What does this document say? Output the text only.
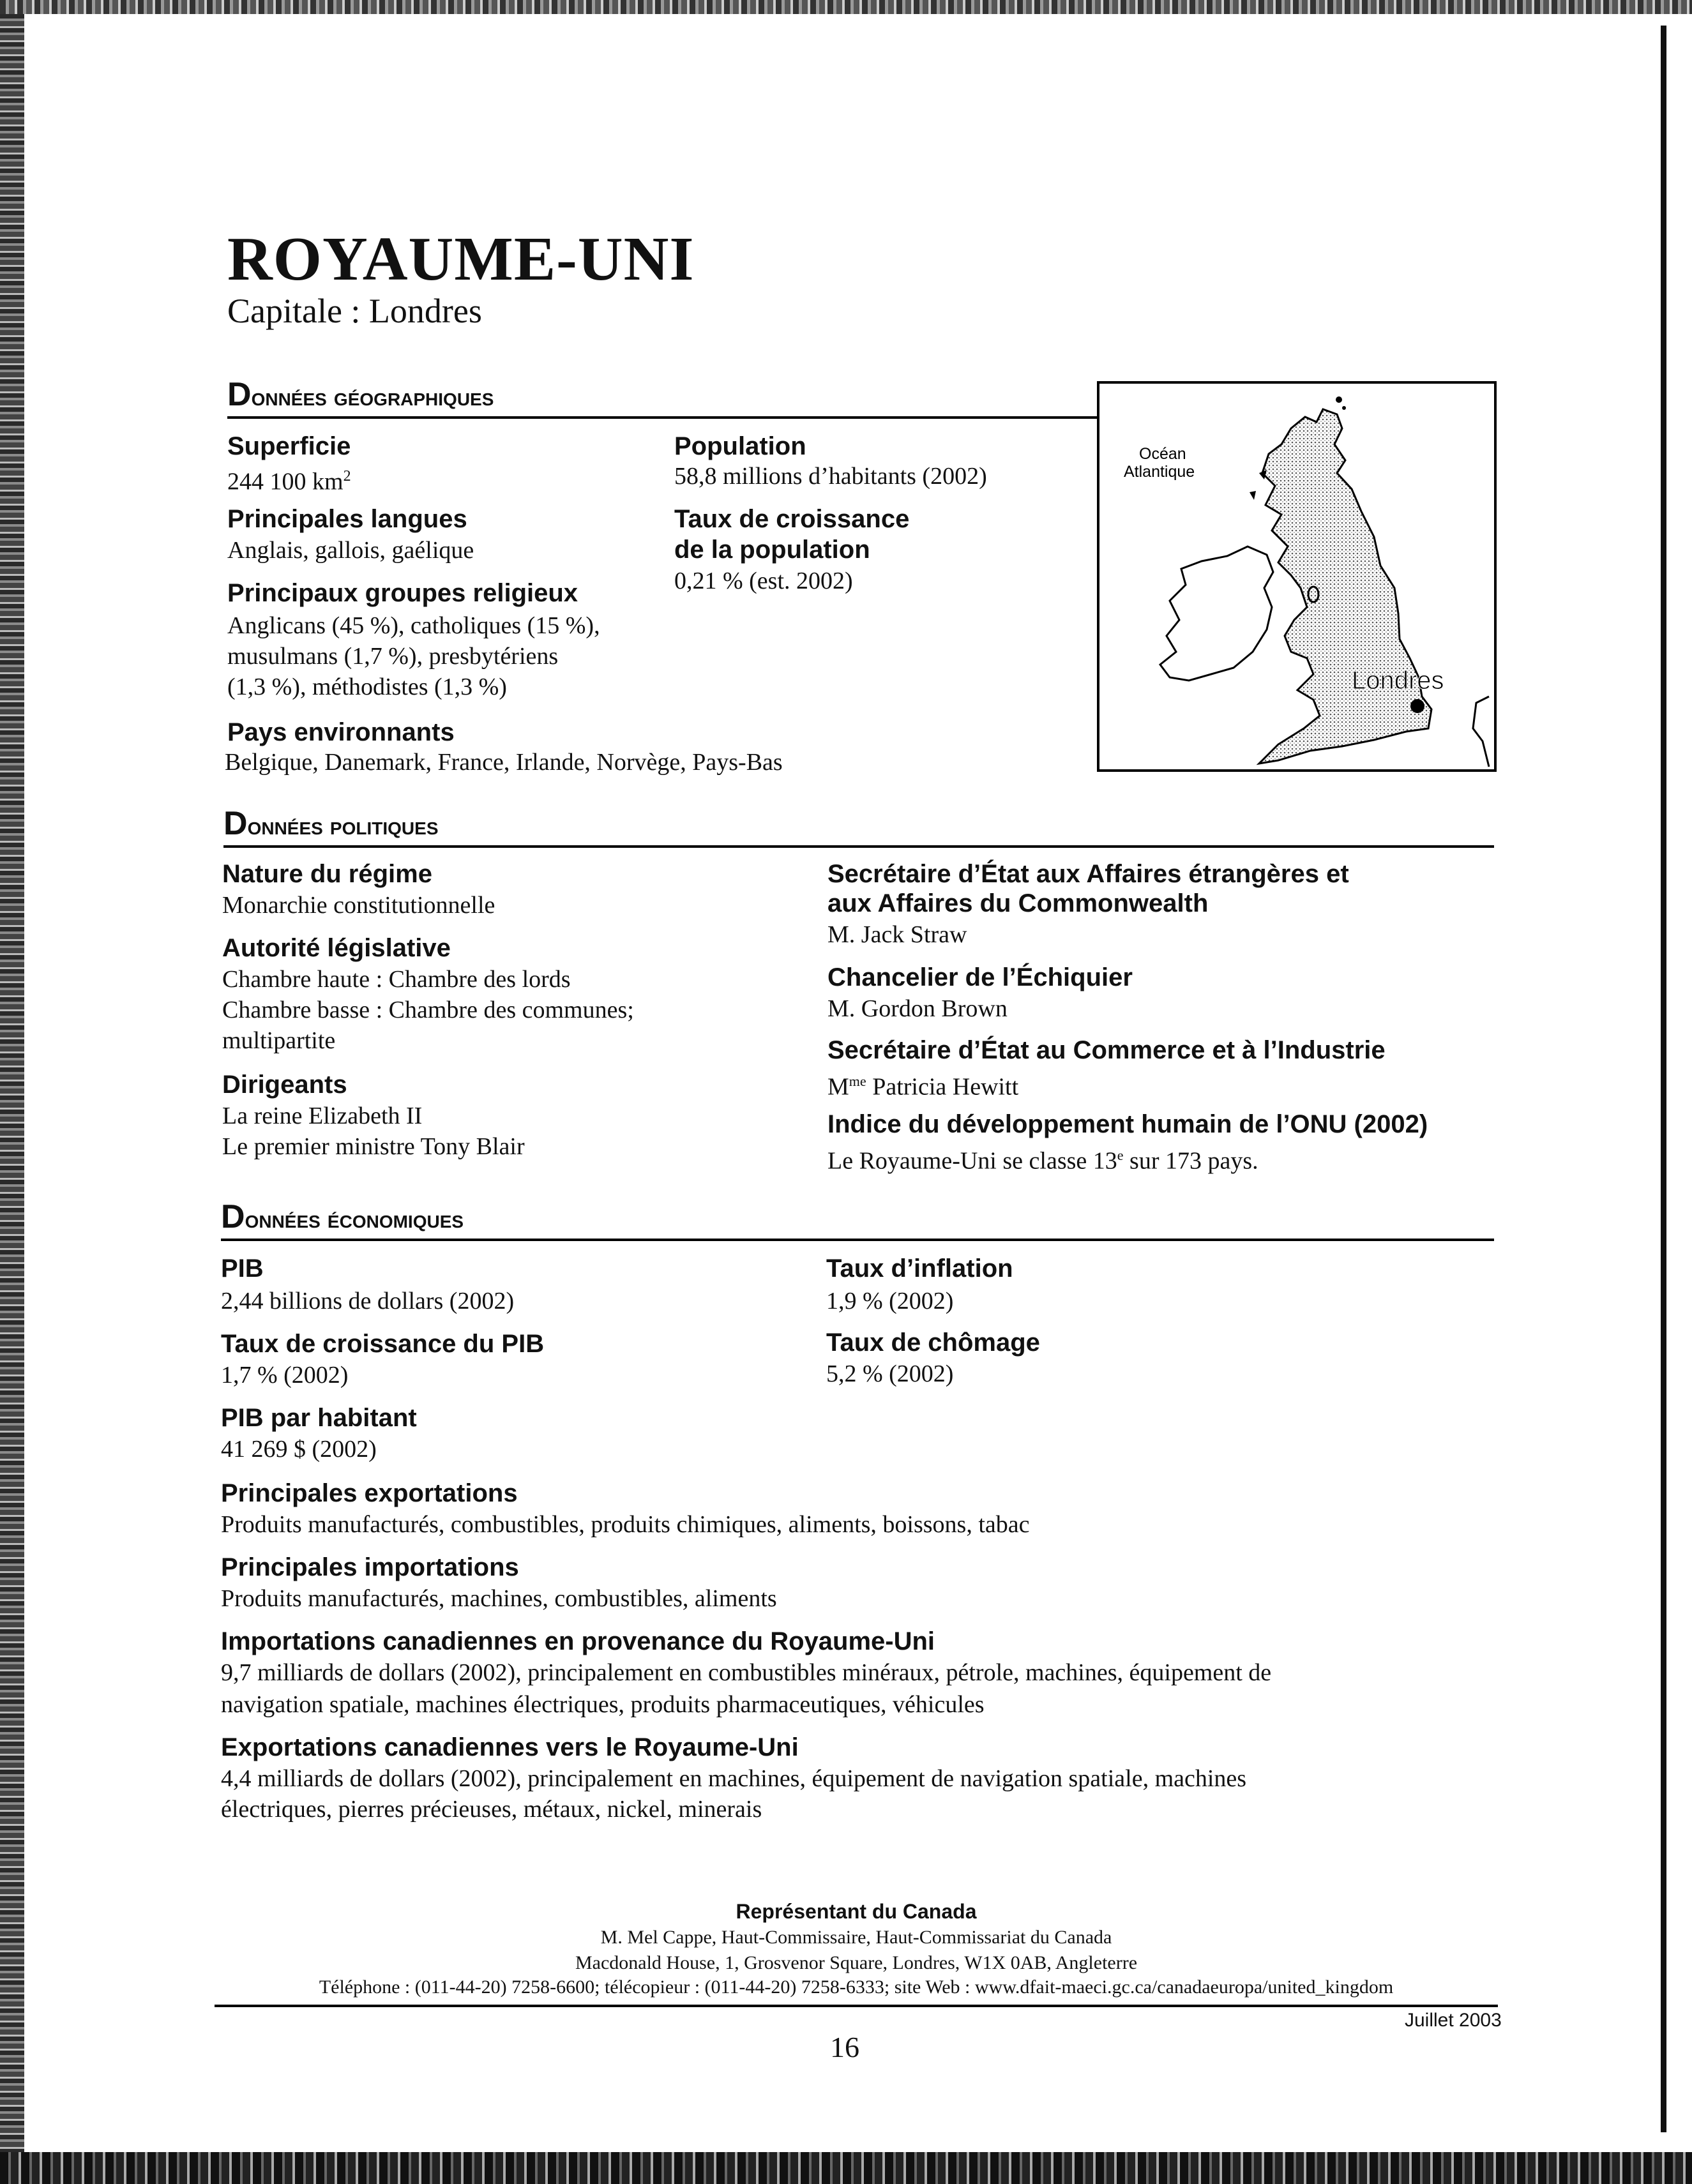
ROYAUME-UNI
Capitale : Londres
Données géographiques
Superficie
244 100 $km^2$
Population
58,8 millions d’habitants (2002)
Principales langues
Anglais, gallois, gaélique
Taux de croissance
de la population
0,21 % (est. 2002)
Principaux groupes religieux
Anglicans (45 %), catholiques (15 %),
musulmans (1,7 %), presbytériens
(1,3 %), méthodistes (1,3 %)
Pays environnants
Belgique, Danemark, France, Irlande, Norvège, Pays-Bas
Londres
Océan
Atlantique
Données politiques
Nature du régime
Monarchie constitutionnelle
Autorité législative
Chambre haute : Chambre des lords
Chambre basse : Chambre des communes;
multipartite
Dirigeants
La reine Elizabeth II
Le premier ministre Tony Blair
Secrétaire d’État aux Affaires étrangères et
aux Affaires du Commonwealth
M. Jack Straw
Chancelier de l’Échiquier
M. Gordon Brown
Secrétaire d’État au Commerce et à l’Industrie
$M^{me}$ Patricia Hewitt
Indice du développement humain de l’ONU (2002)
Le Royaume-Uni se classe 13e sur 173 pays.
Données économiques
PIB
2,44 billions de dollars (2002)
Taux d’inflation
1,9 % (2002)
Taux de croissance du PIB
1,7 % (2002)
Taux de chômage
5,2 % (2002)
PIB par habitant
41 269 $ (2002)
Principales exportations
Produits manufacturés, combustibles, produits chimiques, aliments, boissons, tabac
Principales importations
Produits manufacturés, machines, combustibles, aliments
Importations canadiennes en provenance du Royaume-Uni
9,7 milliards de dollars (2002), principalement en combustibles minéraux, pétrole, machines, équipement de
navigation spatiale, machines électriques, produits pharmaceutiques, véhicules
Exportations canadiennes vers le Royaume-Uni
4,4 milliards de dollars (2002), principalement en machines, équipement de navigation spatiale, machines
électriques, pierres précieuses, métaux, nickel, minerais
Représentant du Canada
M. Mel Cappe, Haut-Commissaire, Haut-Commissariat du Canada
Macdonald House, 1, Grosvenor Square, Londres, W1X 0AB, Angleterre
Téléphone : (011-44-20) 7258-6600; télécopieur : (011-44-20) 7258-6333; site Web : www.dfait-maeci.gc.ca/canadaeuropa/united_kingdom
Juillet 2003
16
